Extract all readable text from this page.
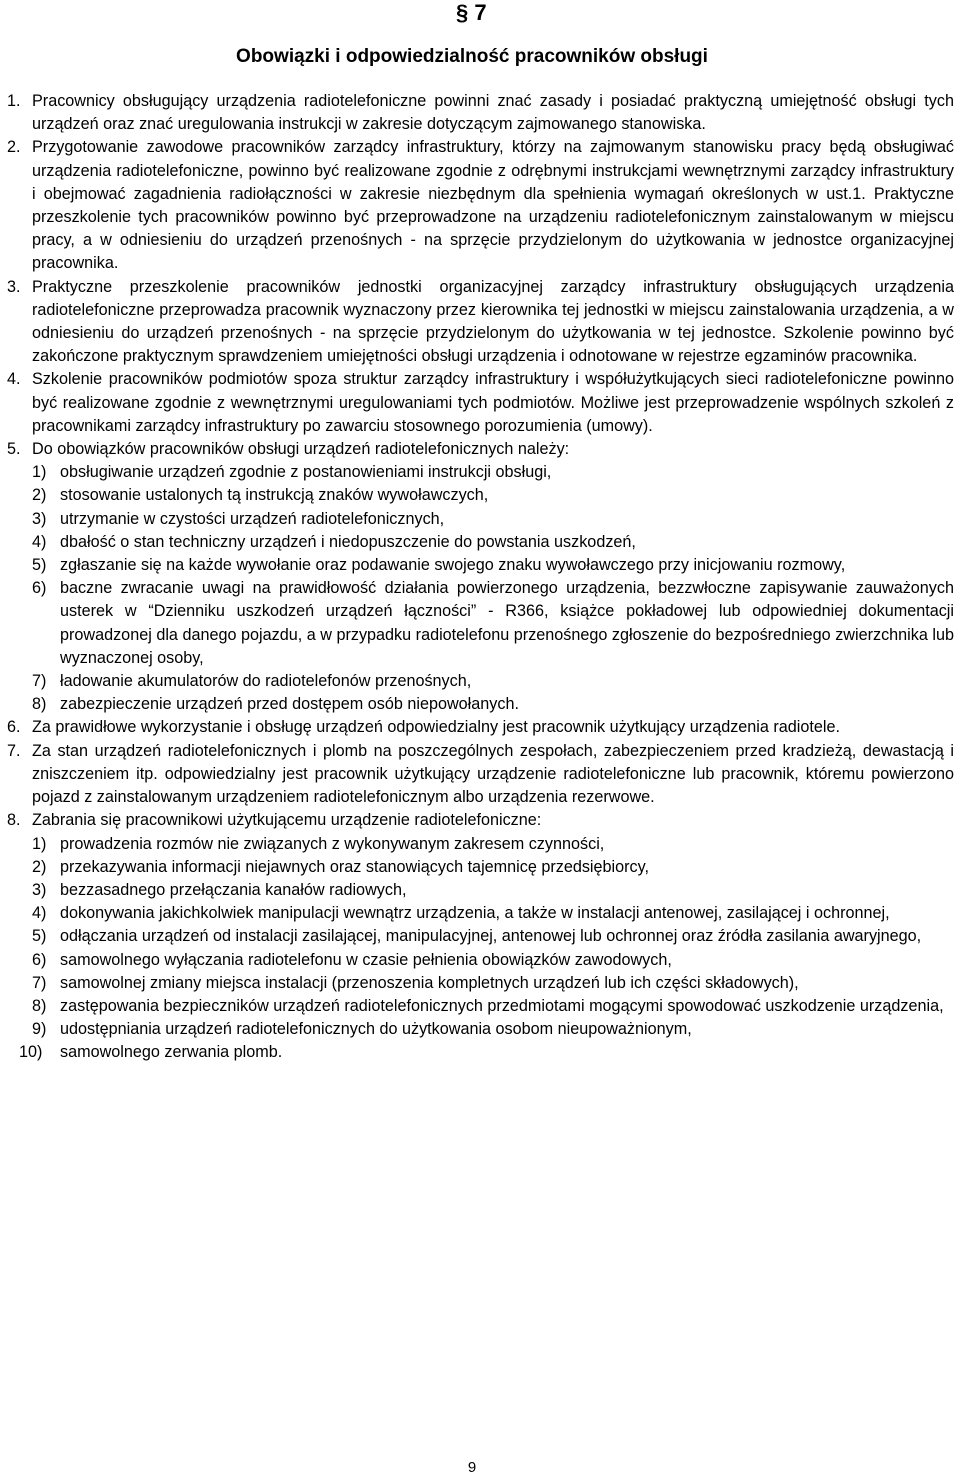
§ 7
Obowiązki i odpowiedzialność pracowników obsługi
1. Pracownicy obsługujący urządzenia radiotelefoniczne powinni znać zasady i posiadać praktyczną umiejętność obsługi tych urządzeń oraz znać uregulowania instrukcji w zakresie dotyczącym zajmowanego stanowiska.
2. Przygotowanie zawodowe pracowników zarządcy infrastruktury, którzy na zajmowanym stanowisku pracy będą obsługiwać urządzenia radiotelefoniczne, powinno być realizowane zgodnie z odrębnymi instrukcjami wewnętrznymi zarządcy infrastruktury i obejmować zagadnienia radiołączności w zakresie niezbędnym dla spełnienia wymagań określonych w ust.1. Praktyczne przeszkolenie tych pracowników powinno być przeprowadzone na urządzeniu radiotelefonicznym zainstalowanym w miejscu pracy, a w odniesieniu do urządzeń przenośnych - na sprzęcie przydzielonym do użytkowania w jednostce organizacyjnej pracownika.
3. Praktyczne przeszkolenie pracowników jednostki organizacyjnej zarządcy infrastruktury obsługujących urządzenia radiotelefoniczne przeprowadza pracownik wyznaczony przez kierownika tej jednostki w miejscu zainstalowania urządzenia, a w odniesieniu do urządzeń przenośnych - na sprzęcie przydzielonym do użytkowania w tej jednostce. Szkolenie powinno być zakończone praktycznym sprawdzeniem umiejętności obsługi urządzenia i odnotowane w rejestrze egzaminów pracownika.
4. Szkolenie pracowników podmiotów spoza struktur zarządcy infrastruktury i współużytkujących sieci radiotelefoniczne powinno być realizowane zgodnie z wewnętrznymi uregulowaniami tych podmiotów. Możliwe jest przeprowadzenie wspólnych szkoleń z pracownikami zarządcy infrastruktury po zawarciu stosownego porozumienia (umowy).
5. Do obowiązków pracowników obsługi urządzeń radiotelefonicznych należy:
1) obsługiwanie urządzeń zgodnie z postanowieniami instrukcji obsługi,
2) stosowanie ustalonych tą instrukcją znaków wywoławczych,
3) utrzymanie w czystości urządzeń radiotelefonicznych,
4) dbałość o stan techniczny urządzeń i niedopuszczenie do powstania uszkodzeń,
5) zgłaszanie się na każde wywołanie oraz podawanie swojego znaku wywoławczego przy inicjowaniu rozmowy,
6) baczne zwracanie uwagi na prawidłowość działania powierzonego urządzenia, bezzwłoczne zapisywanie zauważonych usterek w “Dzienniku uszkodzeń urządzeń łączności” - R366, książce pokładowej lub odpowiedniej dokumentacji prowadzonej dla danego pojazdu, a w przypadku radiotelefonu przenośnego zgłoszenie do bezpośredniego zwierzchnika lub wyznaczonej osoby,
7) ładowanie akumulatorów do radiotelefonów przenośnych,
8) zabezpieczenie urządzeń przed dostępem osób niepowołanych.
6. Za prawidłowe wykorzystanie i obsługę urządzeń odpowiedzialny jest pracownik użytkujący urządzenia radiotele.
7. Za stan urządzeń radiotelefonicznych i plomb na poszczególnych zespołach, zabezpieczeniem przed kradzieżą, dewastacją i zniszczeniem itp. odpowiedzialny jest pracownik użytkujący urządzenie radiotelefoniczne lub pracownik, któremu powierzono pojazd z zainstalowanym urządzeniem radiotelefonicznym albo urządzenia rezerwowe.
8. Zabrania się pracownikowi użytkującemu urządzenie radiotelefoniczne:
1) prowadzenia rozmów nie związanych z wykonywanym zakresem czynności,
2) przekazywania informacji niejawnych oraz stanowiących tajemnicę przedsiębiorcy,
3) bezzasadnego przełączania kanałów radiowych,
4) dokonywania jakichkolwiek manipulacji wewnątrz urządzenia, a także w instalacji antenowej, zasilającej i ochronnej,
5) odłączania urządzeń od instalacji zasilającej, manipulacyjnej, antenowej lub ochronnej oraz źródła zasilania awaryjnego,
6) samowolnego wyłączania radiotelefonu w czasie pełnienia obowiązków zawodowych,
7) samowolnej zmiany miejsca instalacji (przenoszenia kompletnych urządzeń lub ich części składowych),
8) zastępowania bezpieczników urządzeń radiotelefonicznych przedmiotami mogącymi spowodować uszkodzenie urządzenia,
9) udostępniania urządzeń radiotelefonicznych do użytkowania osobom nieupoważnionym,
10) samowolnego zerwania plomb.
9
